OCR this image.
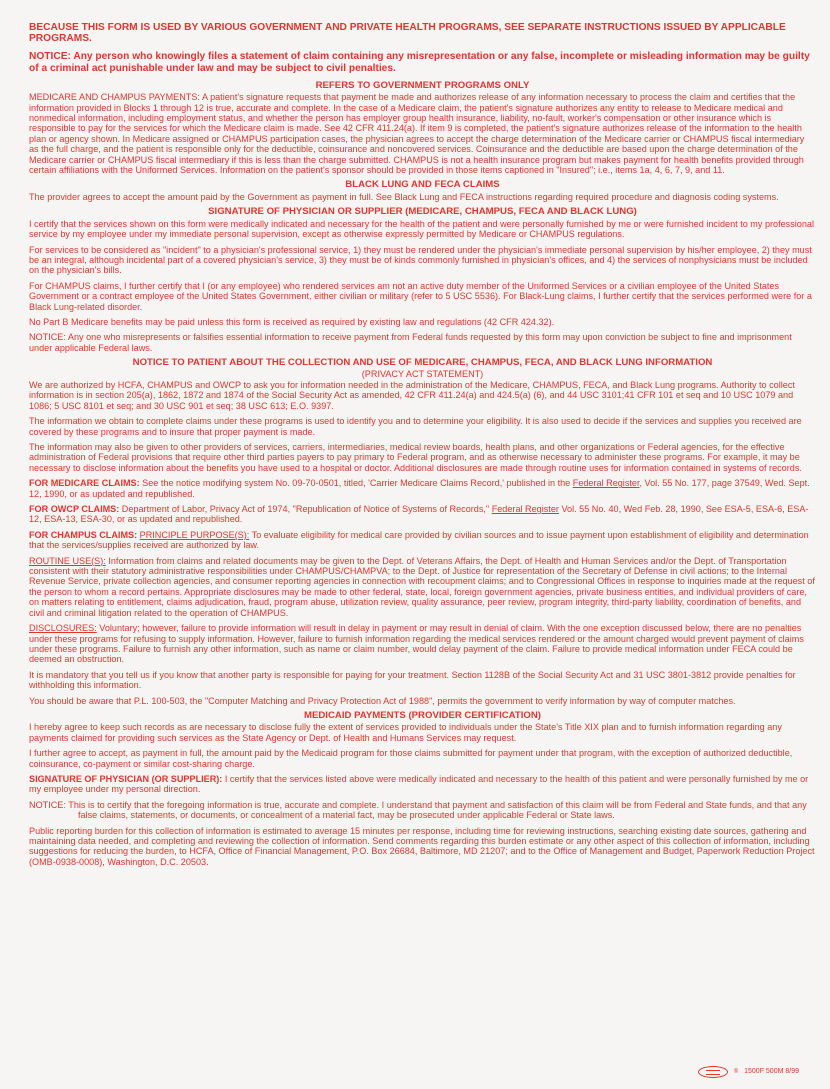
BECAUSE THIS FORM IS USED BY VARIOUS GOVERNMENT AND PRIVATE HEALTH PROGRAMS, SEE SEPARATE INSTRUCTIONS ISSUED BY APPLICABLE PROGRAMS.

NOTICE: Any person who knowingly files a statement of claim containing any misrepresentation or any false, incomplete or misleading information may be guilty of a criminal act punishable under law and may be subject to civil penalties.

REFERS TO GOVERNMENT PROGRAMS ONLY

MEDICARE AND CHAMPUS PAYMENTS: A patient's signature requests that payment be made and authorizes release of any information necessary to process the claim and certifies that the information provided in Blocks 1 through 12 is true, accurate and complete. In the case of a Medicare claim, the patient's signature authorizes any entity to release to Medicare medical and nonmedical information, including employment status, and whether the person has employer group health insurance, liability, no-fault, worker's compensation or other insurance which is responsible to pay for the services for which the Medicare claim is made. See 42 CFR 411.24(a). If item 9 is completed, the patient's signature authorizes release of the information to the health plan or agency shown. In Medicare assigned or CHAMPUS participation cases, the physician agrees to accept the charge determination of the Medicare carrier or CHAMPUS fiscal intermediary as the full charge, and the patient is responsible only for the deductible, coinsurance and noncovered services. Coinsurance and the deductible are based upon the charge determination of the Medicare carrier or CHAMPUS fiscal intermediary if this is less than the charge submitted. CHAMPUS is not a health insurance program but makes payment for health benefits provided through certain affiliations with the Uniformed Services. Information on the patient's sponsor should be provided in those items captioned in "Insured"; i.e., items 1a, 4, 6, 7, 9, and 11.

BLACK LUNG AND FECA CLAIMS

The provider agrees to accept the amount paid by the Government as payment in full. See Black Lung and FECA instructions regarding required procedure and diagnosis coding systems.

SIGNATURE OF PHYSICIAN OR SUPPLIER (MEDICARE, CHAMPUS, FECA AND BLACK LUNG)

I certify that the services shown on this form were medically indicated and necessary for the health of the patient and were personally furnished by me or were furnished incident to my professional service by my employee under my immediate personal supervision, except as otherwise expressly permitted by Medicare or CHAMPUS regulations.

For services to be considered as "incident" to a physician's professional service, 1) they must be rendered under the physician's immediate personal supervision by his/her employee, 2) they must be an integral, although incidental part of a covered physician's service, 3) they must be of kinds commonly furnished in physician's offices, and 4) the services of nonphysicians must be included on the physician's bills.

For CHAMPUS claims, I further certify that I (or any employee) who rendered services am not an active duty member of the Uniformed Services or a civilian employee of the United States Government or a contract employee of the United States Government, either civilian or military (refer to 5 USC 5536). For Black-Lung claims, I further certify that the services performed were for a Black Lung-related disorder.

No Part B Medicare benefits may be paid unless this form is received as required by existing law and regulations (42 CFR 424.32).

NOTICE: Any one who misrepresents or falsifies essential information to receive payment from Federal funds requested by this form may upon conviction be subject to fine and imprisonment under applicable Federal laws.

NOTICE TO PATIENT ABOUT THE COLLECTION AND USE OF MEDICARE, CHAMPUS, FECA, AND BLACK LUNG INFORMATION
(PRIVACY ACT STATEMENT)

We are authorized by HCFA, CHAMPUS and OWCP to ask you for information needed in the administration of the Medicare, CHAMPUS, FECA, and Black Lung programs. Authority to collect information is in section 205(a), 1862, 1872 and 1874 of the Social Security Act as amended, 42 CFR 411.24(a) and 424.5(a) (6), and 44 USC 3101;41 CFR 101 et seq and 10 USC 1079 and 1086; 5 USC 8101 et seq; and 30 USC 901 et seq; 38 USC 613; E.O. 9397.

The information we obtain to complete claims under these programs is used to identify you and to determine your eligibility. It is also used to decide if the services and supplies you received are covered by these programs and to insure that proper payment is made.

The information may also be given to other providers of services, carriers, intermediaries, medical review boards, health plans, and other organizations or Federal agencies, for the effective administration of Federal provisions that require other third parties payers to pay primary to Federal program, and as otherwise necessary to administer these programs. For example, it may be necessary to disclose information about the benefits you have used to a hospital or doctor. Additional disclosures are made through routine uses for information contained in systems of records.

FOR MEDICARE CLAIMS: See the notice modifying system No. 09-70-0501, titled, 'Carrier Medicare Claims Record,' published in the Federal Register, Vol. 55 No. 177, page 37549, Wed. Sept. 12, 1990, or as updated and republished.

FOR OWCP CLAIMS: Department of Labor, Privacy Act of 1974, "Republication of Notice of Systems of Records," Federal Register Vol. 55 No. 40, Wed Feb. 28, 1990, See ESA-5, ESA-6, ESA-12, ESA-13, ESA-30, or as updated and republished.

FOR CHAMPUS CLAIMS: PRINCIPLE PURPOSE(S): To evaluate eligibility for medical care provided by civilian sources and to issue payment upon establishment of eligibility and determination that the services/supplies received are authorized by law.

ROUTINE USE(S): Information from claims and related documents may be given to the Dept. of Veterans Affairs, the Dept. of Health and Human Services and/or the Dept. of Transportation consistent with their statutory administrative responsibilities under CHAMPUS/CHAMPVA; to the Dept. of Justice for representation of the Secretary of Defense in civil actions; to the Internal Revenue Service, private collection agencies, and consumer reporting agencies in connection with recoupment claims; and to Congressional Offices in response to inquiries made at the request of the person to whom a record pertains. Appropriate disclosures may be made to other federal, state, local, foreign government agencies, private business entities, and individual providers of care, on matters relating to entitlement, claims adjudication, fraud, program abuse, utilization review, quality assurance, peer review, program integrity, third-party liability, coordination of benefits, and civil and criminal litigation related to the operation of CHAMPUS.

DISCLOSURES: Voluntary; however, failure to provide information will result in delay in payment or may result in denial of claim. With the one exception discussed below, there are no penalties under these programs for refusing to supply information. However, failure to furnish information regarding the medical services rendered or the amount charged would prevent payment of claims under these programs. Failure to furnish any other information, such as name or claim number, would delay payment of the claim. Failure to provide medical information under FECA could be deemed an obstruction.

It is mandatory that you tell us if you know that another party is responsible for paying for your treatment. Section 1128B of the Social Security Act and 31 USC 3801-3812 provide penalties for withholding this information.

You should be aware that P.L. 100-503, the "Computer Matching and Privacy Protection Act of 1988", permits the government to verify information by way of computer matches.

MEDICAID PAYMENTS (PROVIDER CERTIFICATION)

I hereby agree to keep such records as are necessary to disclose fully the extent of services provided to individuals under the State's Title XIX plan and to furnish information regarding any payments claimed for providing such services as the State Agency or Dept. of Health and Humans Services may request.

I further agree to accept, as payment in full, the amount paid by the Medicaid program for those claims submitted for payment under that program, with the exception of authorized deductible, coinsurance, co-payment or similar cost-sharing charge.

SIGNATURE OF PHYSICIAN (OR SUPPLIER): I certify that the services listed above were medically indicated and necessary to the health of this patient and were personally furnished by me or my employee under my personal direction.

NOTICE: This is to certify that the foregoing information is true, accurate and complete. I understand that payment and satisfaction of this claim will be from Federal and State funds, and that any false claims, statements, or documents, or concealment of a material fact, may be prosecuted under applicable Federal or State laws.

Public reporting burden for this collection of information is estimated to average 15 minutes per response, including time for reviewing instructions, searching existing date sources, gathering and maintaining data needed, and completing and reviewing the collection of information. Send comments regarding this burden estimate or any other aspect of this collection of information, including suggestions for reducing the burden, to HCFA, Office of Financial Management, P.O. Box 26684, Baltimore, MD 21207; and to the Office of Management and Budget, Paperwork Reduction Project (OMB-0938-0008), Washington, D.C. 20503.

® 1500F 500M 8/99
